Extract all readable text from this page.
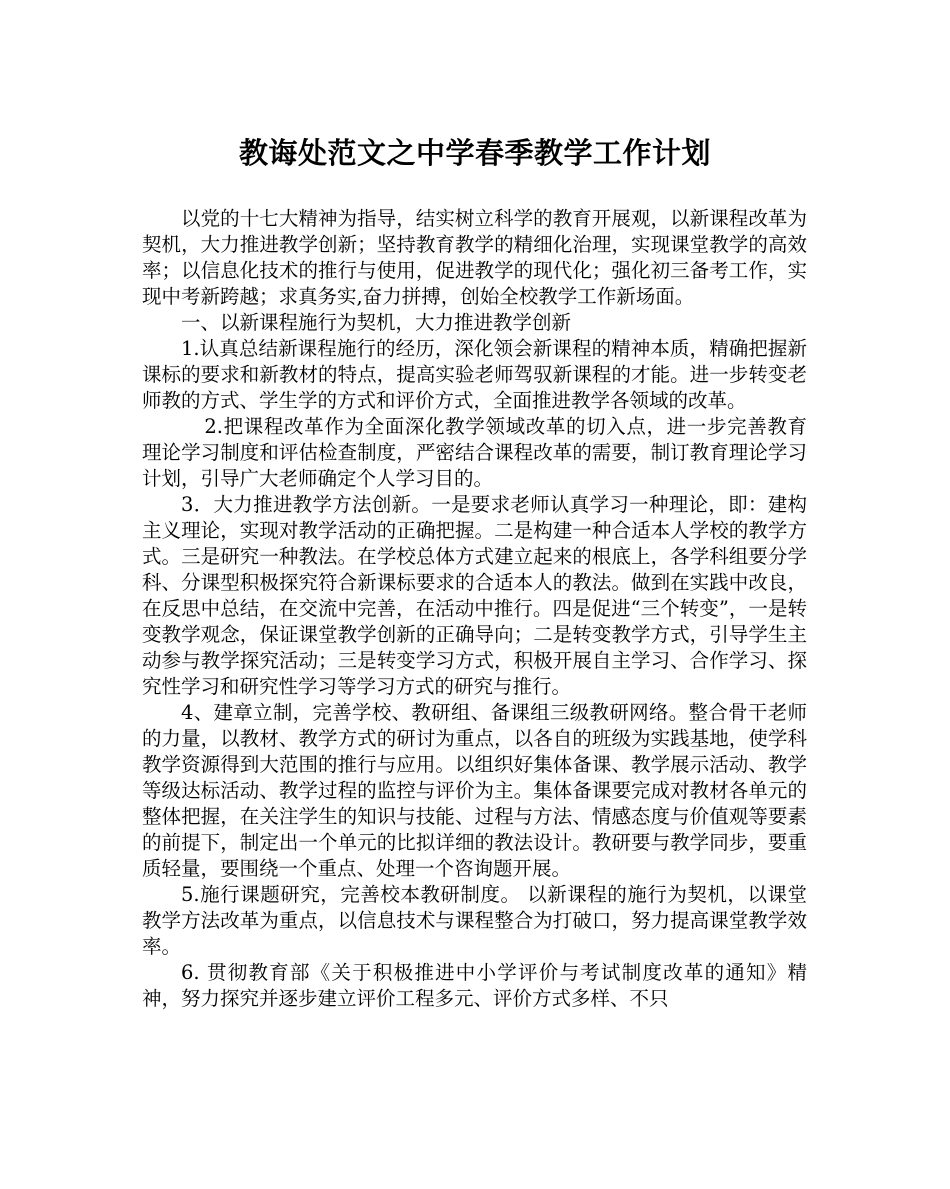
教诲处范文之中学春季教学工作计划

以党的十七大精神为指导，结实树立科学的教育开展观，以新课程改革为契机，大力推进教学创新；坚持教育教学的精细化治理，实现课堂教学的高效率；以信息化技术的推行与使用，促进教学的现代化；强化初三备考工作，实现中考新跨越；求真务实,奋力拼搏，创始全校教学工作新场面。

一、以新课程施行为契机，大力推进教学创新

1.认真总结新课程施行的经历，深化领会新课程的精神本质，精确把握新课标的要求和新教材的特点，提高实验老师驾驭新课程的才能。进一步转变老师教的方式、学生学的方式和评价方式，全面推进教学各领域的改革。

2.把课程改革作为全面深化教学领域改革的切入点，进一步完善教育理论学习制度和评估检查制度，严密结合课程改革的需要，制订教育理论学习计划，引导广大老师确定个人学习目的。

3．大力推进教学方法创新。一是要求老师认真学习一种理论，即：建构主义理论，实现对教学活动的正确把握。二是构建一种合适本人学校的教学方式。三是研究一种教法。在学校总体方式建立起来的根底上，各学科组要分学科、分课型积极探究符合新课标要求的合适本人的教法。做到在实践中改良，在反思中总结，在交流中完善，在活动中推行。四是促进“三个转变”，一是转变教学观念，保证课堂教学创新的正确导向；二是转变教学方式，引导学生主动参与教学探究活动；三是转变学习方式，积极开展自主学习、合作学习、探究性学习和研究性学习等学习方式的研究与推行。

4、建章立制，完善学校、教研组、备课组三级教研网络。整合骨干老师的力量，以教材、教学方式的研讨为重点，以各自的班级为实践基地，使学科教学资源得到大范围的推行与应用。以组织好集体备课、教学展示活动、教学等级达标活动、教学过程的监控与评价为主。集体备课要完成对教材各单元的整体把握，在关注学生的知识与技能、过程与方法、情感态度与价值观等要素的前提下，制定出一个单元的比拟详细的教法设计。教研要与教学同步，要重质轻量，要围绕一个重点、处理一个咨询题开展。

5.施行课题研究，完善校本教研制度。 以新课程的施行为契机，以课堂教学方法改革为重点，以信息技术与课程整合为打破口，努力提高课堂教学效率。

6. 贯彻教育部《关于积极推进中小学评价与考试制度改革的通知》精神，努力探究并逐步建立评价工程多元、评价方式多样、不只
